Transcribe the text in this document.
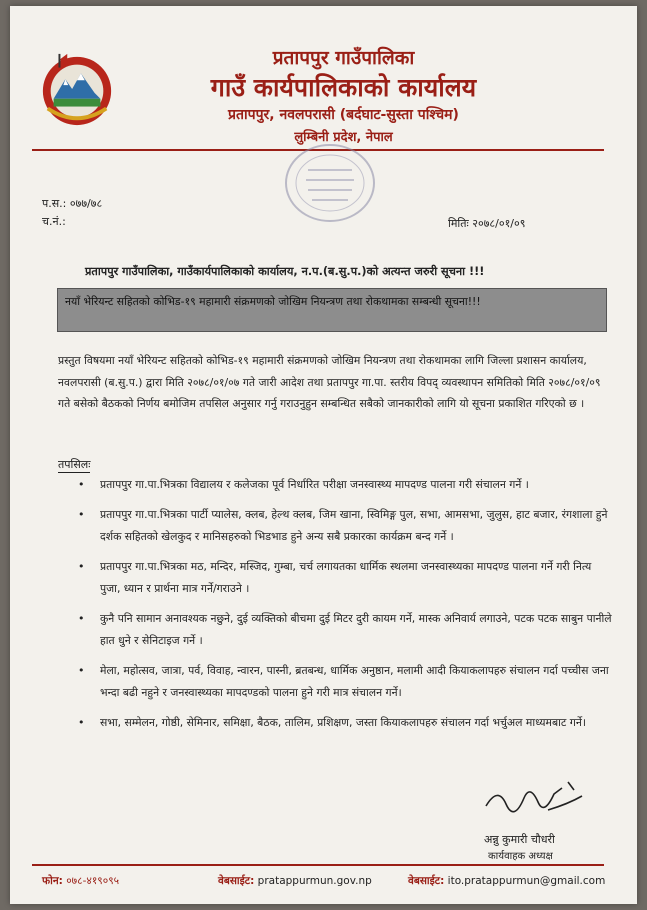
प्रतापपुर गाउँपालिका
गाउँ कार्यपालिकाको कार्यालय
प्रतापपुर, नवलपरासी (बर्दघाट-सुस्ता पश्चिम)
लुम्बिनी प्रदेश, नेपाल
प.स.: ०७७/७८
च.नं.:	मितिः २०७८/०१/०९
प्रतापपुर गाउँपालिका, गाउँकार्यपालिकाको कार्यालय, न.प.(ब.सु.प.)को अत्यन्त जरुरी सूचना !!!
नयाँ भेरियन्ट सहितको कोभिड-१९ महामारी संक्रमणको जोखिम नियन्त्रण तथा रोकथामका सम्बन्धी सूचना!!!
प्रस्तुत विषयमा नयाँ भेरियन्ट सहितको कोभिड-१९ महामारी संक्रमणको जोखिम नियन्त्रण तथा रोकथामका लागि जिल्ला प्रशासन कार्यालय, नवलपरासी (ब.सु.प.) द्वारा मिति २०७८/०१/०७ गते जारी आदेश तथा प्रतापपुर गा.पा. स्तरीय विपद् व्यवस्थापन समितिको मिति २०७८/०१/०९ गते बसेको बैठकको निर्णय बमोजिम तपसिल अनुसार गर्नु गराउनुहुन सम्बन्धित सबैको जानकारीको लागि यो सूचना प्रकाशित गरिएको छ ।
तपसिलः
• प्रतापपुर गा.पा.भित्रका विद्यालय र कलेजका पूर्व निर्धारित परीक्षा जनस्वास्थ्य मापदण्ड पालना गरी संचालन गर्ने ।
• प्रतापपुर गा.पा.भित्रका पार्टी प्यालेस, क्लब, हेल्थ क्लब, जिम खाना, स्विमिङ्ग पुल, सभा, आमसभा, जुलुस, हाट बजार, रंगशाला हुने दर्शक सहितको खेलकुद र मानिसहरुको भिडभाड हुने अन्य सबै प्रकारका कार्यक्रम बन्द गर्ने ।
• प्रतापपुर गा.पा.भित्रका मठ, मन्दिर, मस्जिद, गुम्बा, चर्च लगायतका धार्मिक स्थलमा जनस्वास्थ्यका मापदण्ड पालना गर्ने गरी नित्य पुजा, ध्यान र प्रार्थना मात्र गर्ने/गराउने ।
• कुनै पनि सामान अनावश्यक नछुने, दुई व्यक्तिको बीचमा दुई मिटर दुरी कायम गर्ने, मास्क अनिवार्य लगाउने, पटक पटक साबुन पानीले हात धुने र सेनिटाइज गर्ने ।
• मेला, महोत्सव, जात्रा, पर्व, विवाह, न्वारन, पास्नी, ब्रतबन्ध, धार्मिक अनुष्ठान, मलामी आदी कियाकलापहरु संचालन गर्दा पच्चीस जना भन्दा बढी नहुने र जनस्वास्थ्यका मापदण्डको पालना हुने गरी मात्र संचालन गर्ने।
• सभा, सम्मेलन, गोष्ठी, सेमिनार, समिक्षा, बैठक, तालिम, प्रशिक्षण, जस्ता कियाकलापहरु संचालन गर्दा भर्चुअल माध्यमबाट गर्ने।
अन्नु कुमारी चौधरी
कार्यवाहक अध्यक्ष
फोन: ०७८-४१९०९५	वेबसाईट: pratappurmun.gov.np	वेबसाईट: ito.pratappurmun@gmail.com
